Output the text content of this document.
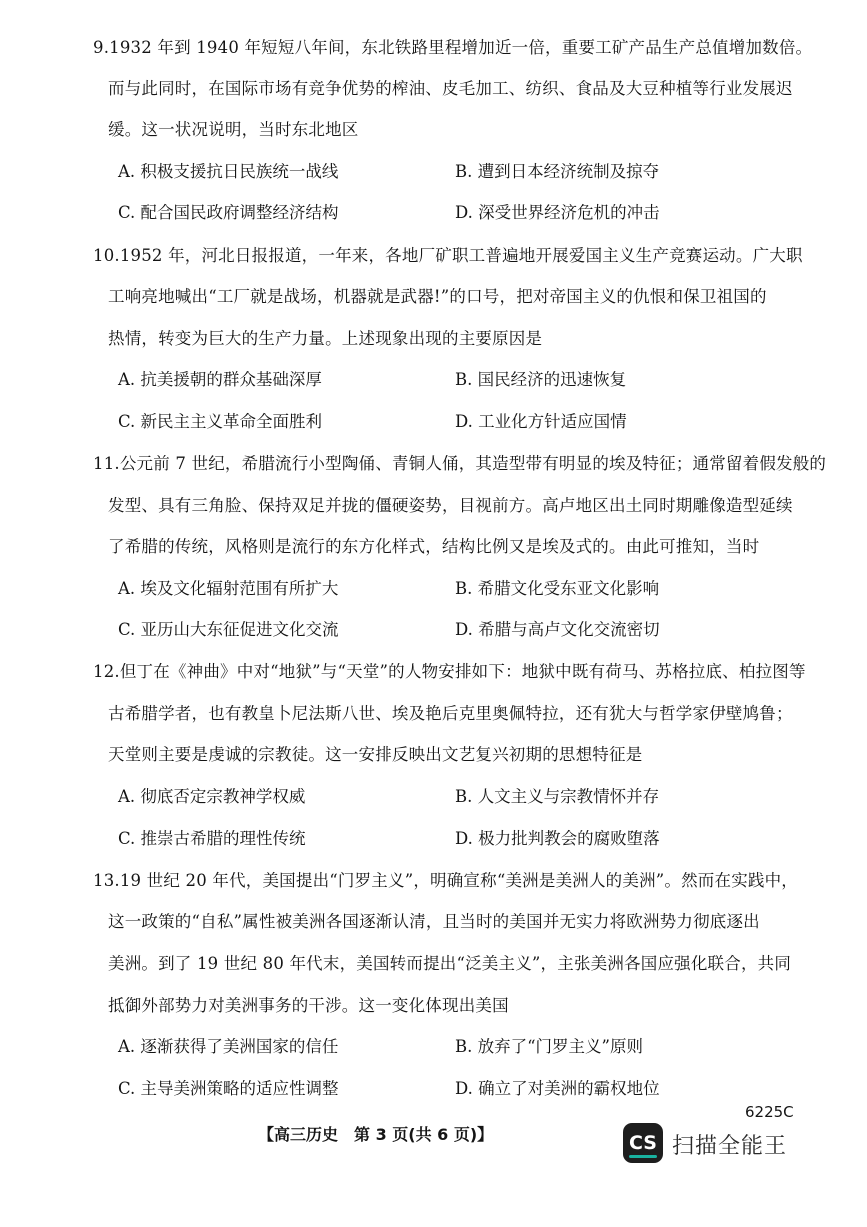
9.1932 年到 1940 年短短八年间，东北铁路里程增加近一倍，重要工矿产品生产总值增加数倍。
而与此同时，在国际市场有竞争优势的榨油、皮毛加工、纺织、食品及大豆种植等行业发展迟
缓。这一状况说明，当时东北地区
A. 积极支援抗日民族统一战线	B. 遭到日本经济统制及掠夺
C. 配合国民政府调整经济结构	D. 深受世界经济危机的冲击
10.1952 年，河北日报报道，一年来，各地厂矿职工普遍地开展爱国主义生产竞赛运动。广大职
工响亮地喊出“工厂就是战场，机器就是武器!”的口号，把对帝国主义的仇恨和保卫祖国的
热情，转变为巨大的生产力量。上述现象出现的主要原因是
A. 抗美援朝的群众基础深厚	B. 国民经济的迅速恢复
C. 新民主主义革命全面胜利	D. 工业化方针适应国情
11.公元前 7 世纪，希腊流行小型陶俑、青铜人俑，其造型带有明显的埃及特征；通常留着假发般的
发型、具有三角脸、保持双足并拢的僵硬姿势，目视前方。高卢地区出土同时期雕像造型延续
了希腊的传统，风格则是流行的东方化样式，结构比例又是埃及式的。由此可推知，当时
A. 埃及文化辐射范围有所扩大	B. 希腊文化受东亚文化影响
C. 亚历山大东征促进文化交流	D. 希腊与高卢文化交流密切
12.但丁在《神曲》中对“地狱”与“天堂”的人物安排如下：地狱中既有荷马、苏格拉底、柏拉图等
古希腊学者，也有教皇卜尼法斯八世、埃及艳后克里奥佩特拉，还有犹大与哲学家伊壁鸠鲁；
天堂则主要是虔诚的宗教徒。这一安排反映出文艺复兴初期的思想特征是
A. 彻底否定宗教神学权威	B. 人文主义与宗教情怀并存
C. 推崇古希腊的理性传统	D. 极力批判教会的腐败堕落
13.19 世纪 20 年代，美国提出“门罗主义”，明确宣称“美洲是美洲人的美洲”。然而在实践中，
这一政策的“自私”属性被美洲各国逐渐认清，且当时的美国并无实力将欧洲势力彻底逐出
美洲。到了 19 世纪 80 年代末，美国转而提出“泛美主义”，主张美洲各国应强化联合，共同
抵御外部势力对美洲事务的干涉。这一变化体现出美国
A. 逐渐获得了美洲国家的信任	B. 放弃了“门罗主义”原则
C. 主导美洲策略的适应性调整	D. 确立了对美洲的霸权地位
【高三历史　第 3 页(共 6 页)】
6225C
CS 扫描全能王
